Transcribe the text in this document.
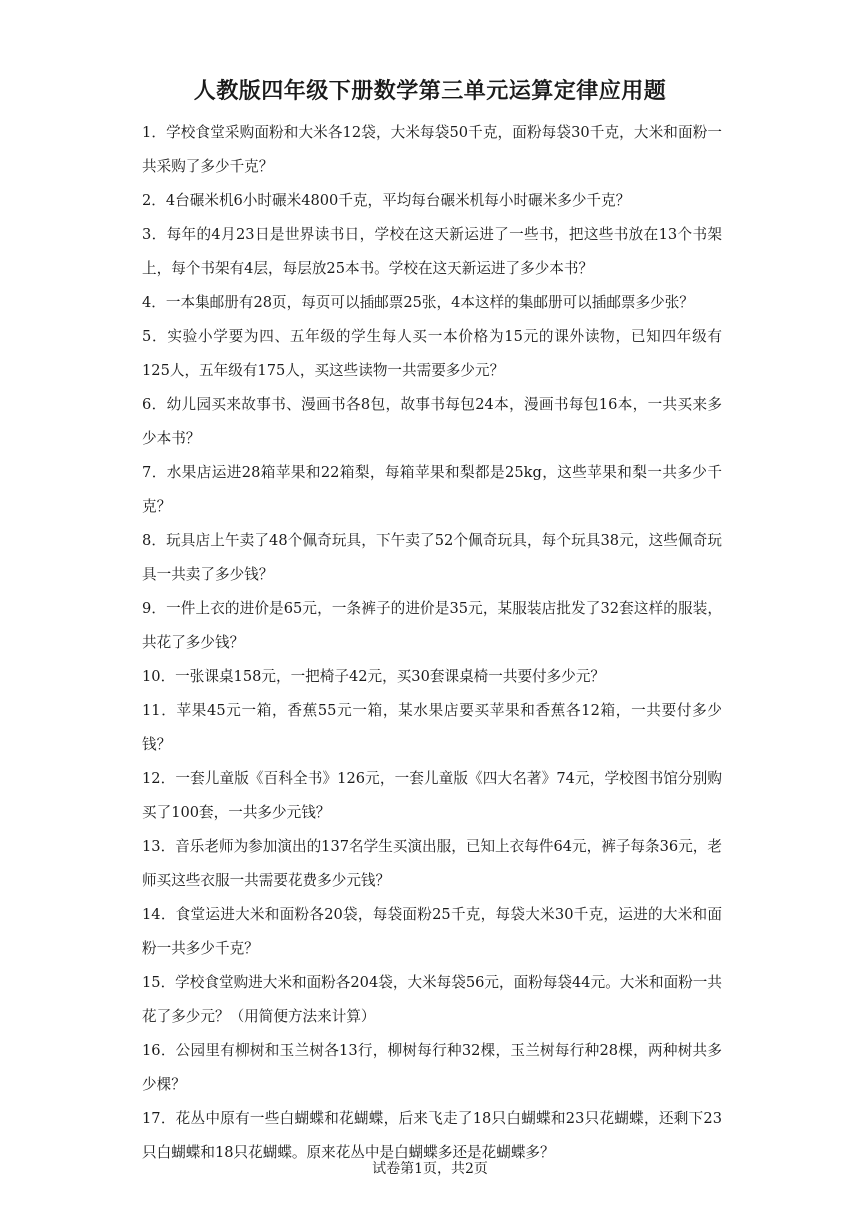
人教版四年级下册数学第三单元运算定律应用题

1．学校食堂采购面粉和大米各12袋，大米每袋50千克，面粉每袋30千克，大米和面粉一共采购了多少千克？

2．4台碾米机6小时碾米4800千克，平均每台碾米机每小时碾米多少千克？

3．每年的4月23日是世界读书日，学校在这天新运进了一些书，把这些书放在13个书架上，每个书架有4层，每层放25本书。学校在这天新运进了多少本书？

4．一本集邮册有28页，每页可以插邮票25张，4本这样的集邮册可以插邮票多少张？

5．实验小学要为四、五年级的学生每人买一本价格为15元的课外读物，已知四年级有125人，五年级有175人，买这些读物一共需要多少元？

6．幼儿园买来故事书、漫画书各8包，故事书每包24本，漫画书每包16本，一共买来多少本书？

7．水果店运进28箱苹果和22箱梨，每箱苹果和梨都是25kg，这些苹果和梨一共多少千克？

8．玩具店上午卖了48个佩奇玩具，下午卖了52个佩奇玩具，每个玩具38元，这些佩奇玩具一共卖了多少钱？

9．一件上衣的进价是65元，一条裤子的进价是35元，某服装店批发了32套这样的服装，共花了多少钱？

10．一张课桌158元，一把椅子42元，买30套课桌椅一共要付多少元？

11．苹果45元一箱，香蕉55元一箱，某水果店要买苹果和香蕉各12箱，一共要付多少钱？

12．一套儿童版《百科全书》126元，一套儿童版《四大名著》74元，学校图书馆分别购买了100套，一共多少元钱？

13．音乐老师为参加演出的137名学生买演出服，已知上衣每件64元，裤子每条36元，老师买这些衣服一共需要花费多少元钱？

14．食堂运进大米和面粉各20袋，每袋面粉25千克，每袋大米30千克，运进的大米和面粉一共多少千克？

15．学校食堂购进大米和面粉各204袋，大米每袋56元，面粉每袋44元。大米和面粉一共花了多少元？（用简便方法来计算）

16．公园里有柳树和玉兰树各13行，柳树每行种32棵，玉兰树每行种28棵，两种树共多少棵？

17．花丛中原有一些白蝴蝶和花蝴蝶，后来飞走了18只白蝴蝶和23只花蝴蝶，还剩下23只白蝴蝶和18只花蝴蝶。原来花丛中是白蝴蝶多还是花蝴蝶多？

试卷第1页，共2页
